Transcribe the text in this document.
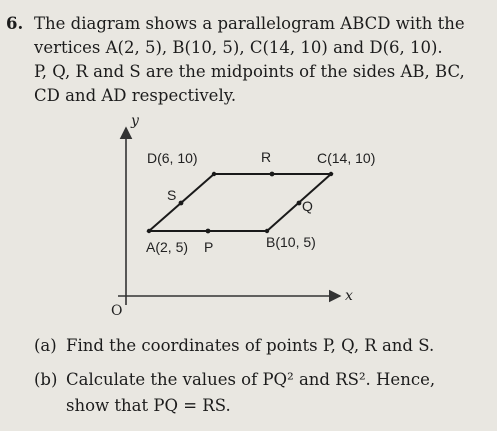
6. The diagram shows a parallelogram ABCD with the
vertices A(2, 5), B(10, 5), C(14, 10) and D(6, 10).
P, Q, R and S are the midpoints of the sides AB, BC,
CD and AD respectively.
y
x
O
D(6, 10)	C(14, 10)
A(2, 5)	B(10, 5)
R
S
Q
P
(a) Find the coordinates of points P, Q, R and S.
(b) Calculate the values of PQ² and RS². Hence,
show that PQ = RS.
